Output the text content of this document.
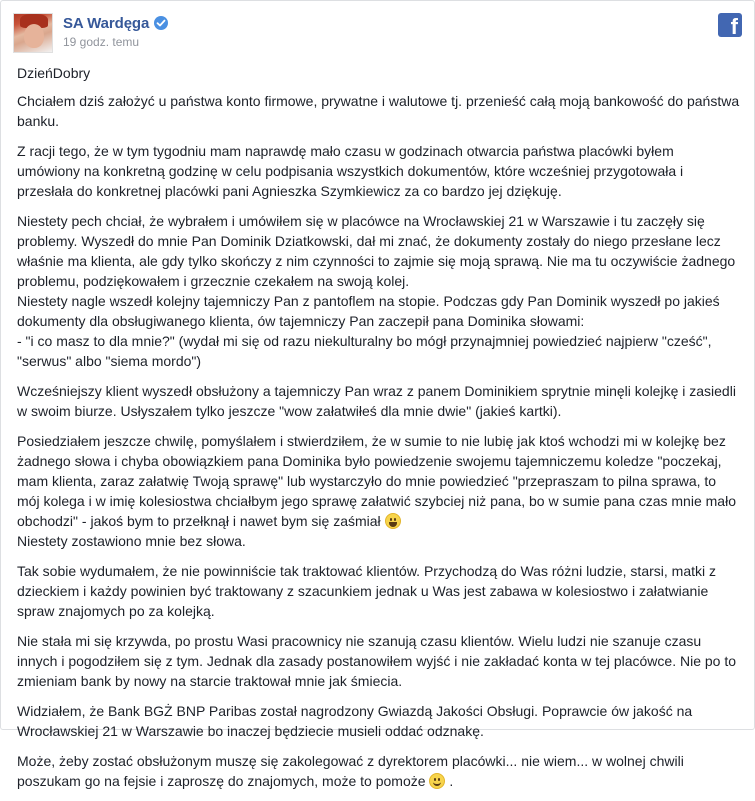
SA Wardęga
19 godz. temu
f

DzieńDobry

Chciałem dziś założyć u państwa konto firmowe, prywatne i walutowe tj. przenieść całą moją bankowość do państwa banku.

Z racji tego, że w tym tygodniu mam naprawdę mało czasu w godzinach otwarcia państwa placówki byłem umówiony na konkretną godzinę w celu podpisania wszystkich dokumentów, które wcześniej przygotowała i przesłała do konkretnej placówki pani Agnieszka Szymkiewicz za co bardzo jej dziękuję.

Niestety pech chciał, że wybrałem i umówiłem się w placówce na Wrocławskiej 21 w Warszawie i tu zaczęły się problemy. Wyszedł do mnie Pan Dominik Dziatkowski, dał mi znać, że dokumenty zostały do niego przesłane lecz właśnie ma klienta, ale gdy tylko skończy z nim czynności to zajmie się moją sprawą. Nie ma tu oczywiście żadnego problemu, podziękowałem i grzecznie czekałem na swoją kolej.

Niestety nagle wszedł kolejny tajemniczy Pan z pantoflem na stopie. Podczas gdy Pan Dominik wyszedł po jakieś dokumenty dla obsługiwanego klienta, ów tajemniczy Pan zaczepił pana Dominika słowami:

- "i co masz to dla mnie?" (wydał mi się od razu niekulturalny bo mógł przynajmniej powiedzieć najpierw "cześć", "serwus" albo "siema mordo")

Wcześniejszy klient wyszedł obsłużony a tajemniczy Pan wraz z panem Dominikiem sprytnie minęli kolejkę i zasiedli w swoim biurze. Usłyszałem tylko jeszcze "wow załatwiłeś dla mnie dwie" (jakieś kartki).

Posiedziałem jeszcze chwilę, pomyślałem i stwierdziłem, że w sumie to nie lubię jak ktoś wchodzi mi w kolejkę bez żadnego słowa i chyba obowiązkiem pana Dominika było powiedzenie swojemu tajemniczemu koledze "poczekaj, mam klienta, zaraz załatwię Twoją sprawę" lub wystarczyło do mnie powiedzieć "przepraszam to pilna sprawa, to mój kolega i w imię kolesiostwa chciałbym jego sprawę załatwić szybciej niż pana, bo w sumie pana czas mnie mało obchodzi" - jakoś bym to przełknął i nawet bym się zaśmiał

Niestety zostawiono mnie bez słowa.

Tak sobie wydumałem, że nie powinniście tak traktować klientów. Przychodzą do Was różni ludzie, starsi, matki z dzieckiem i każdy powinien być traktowany z szacunkiem jednak u Was jest zabawa w kolesiostwo i załatwianie spraw znajomych po za kolejką.

Nie stała mi się krzywda, po prostu Wasi pracownicy nie szanują czasu klientów. Wielu ludzi nie szanuje czasu innych i pogodziłem się z tym. Jednak dla zasady postanowiłem wyjść i nie zakładać konta w tej placówce. Nie po to zmieniam bank by nowy na starcie traktował mnie jak śmiecia.

Widziałem, że Bank BGŻ BNP Paribas został nagrodzony Gwiazdą Jakości Obsługi. Poprawcie ów jakość na Wrocławskiej 21 w Warszawie bo inaczej będziecie musieli oddać odznakę.

Może, żeby zostać obsłużonym muszę się zakolegować z dyrektorem placówki... nie wiem... w wolnej chwili poszukam go na fejsie i zaproszę do znajomych, może to pomoże
.
